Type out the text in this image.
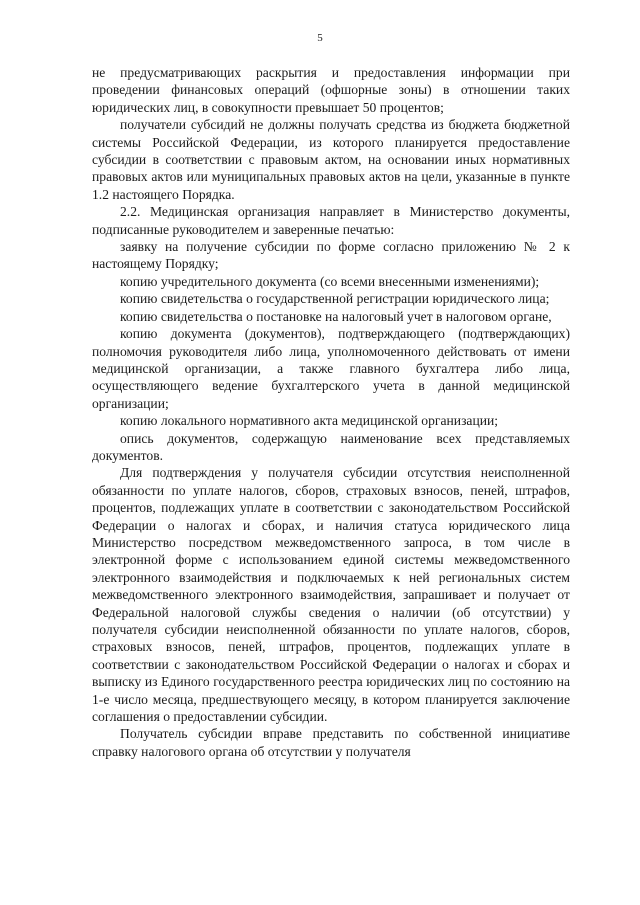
5

не предусматривающих раскрытия и предоставления информации при проведении финансовых операций (офшорные зоны) в отношении таких юридических лиц, в совокупности превышает 50 процентов;

получатели субсидий не должны получать средства из бюджета бюджетной системы Российской Федерации, из которого планируется предоставление субсидии в соответствии с правовым актом, на основании иных нормативных правовых актов или муниципальных правовых актов на цели, указанные в пункте 1.2 настоящего Порядка.

2.2. Медицинская организация направляет в Министерство документы, подписанные руководителем и заверенные печатью:

заявку на получение субсидии по форме согласно приложению № 2 к настоящему Порядку;

копию учредительного документа (со всеми внесенными изменениями);

копию свидетельства о государственной регистрации юридического лица;

копию свидетельства о постановке на налоговый учет в налоговом органе,

копию документа (документов), подтверждающего (подтверждающих) полномочия руководителя либо лица, уполномоченного действовать от имени медицинской организации, а также главного бухгалтера либо лица, осуществляющего ведение бухгалтерского учета в данной медицинской организации;

копию локального нормативного акта медицинской организации;

опись документов, содержащую наименование всех представляемых документов.

Для подтверждения у получателя субсидии отсутствия неисполненной обязанности по уплате налогов, сборов, страховых взносов, пеней, штрафов, процентов, подлежащих уплате в соответствии с законодательством Российской Федерации о налогах и сборах, и наличия статуса юридического лица Министерство посредством межведомственного запроса, в том числе в электронной форме с использованием единой системы межведомственного электронного взаимодействия и подключаемых к ней региональных систем межведомственного электронного взаимодействия, запрашивает и получает от Федеральной налоговой службы сведения о наличии (об отсутствии) у получателя субсидии неисполненной обязанности по уплате налогов, сборов, страховых взносов, пеней, штрафов, процентов, подлежащих уплате в соответствии с законодательством Российской Федерации о налогах и сборах и выписку из Единого государственного реестра юридических лиц по состоянию на 1-е число месяца, предшествующего месяцу, в котором планируется заключение соглашения о предоставлении субсидии.

Получатель субсидии вправе представить по собственной инициативе справку налогового органа об отсутствии у получателя
